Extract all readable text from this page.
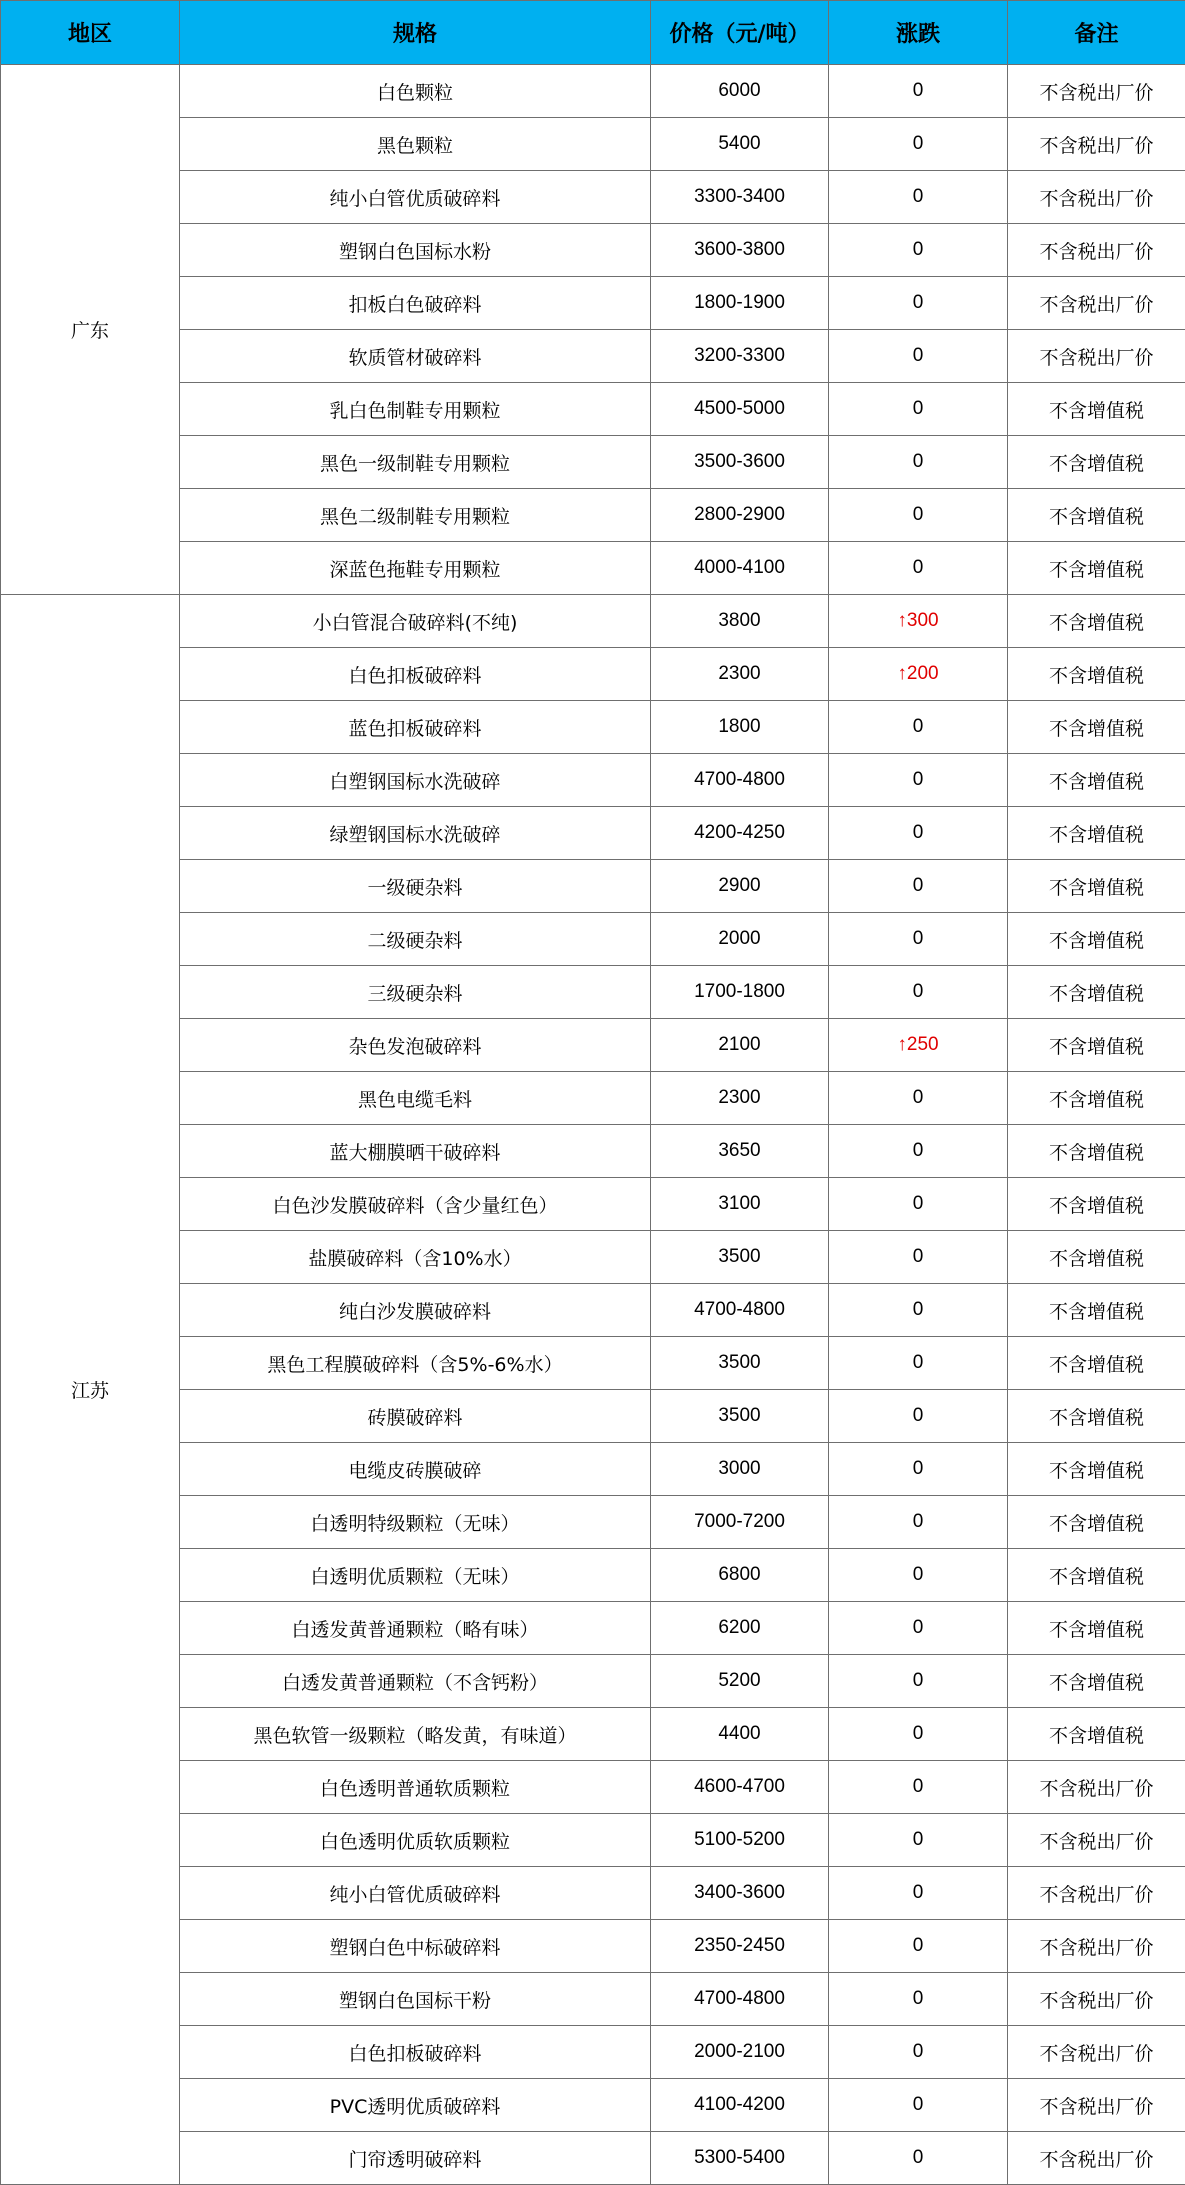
地区	规格	价格（元/吨）	涨跌	备注
广东	白色颗粒	6000	0	不含税出厂价
	黑色颗粒	5400	0	不含税出厂价
	纯小白管优质破碎料	3300-3400	0	不含税出厂价
	塑钢白色国标水粉	3600-3800	0	不含税出厂价
	扣板白色破碎料	1800-1900	0	不含税出厂价
	软质管材破碎料	3200-3300	0	不含税出厂价
	乳白色制鞋专用颗粒	4500-5000	0	不含增值税
	黑色一级制鞋专用颗粒	3500-3600	0	不含增值税
	黑色二级制鞋专用颗粒	2800-2900	0	不含增值税
	深蓝色拖鞋专用颗粒	4000-4100	0	不含增值税
江苏	小白管混合破碎料(不纯)	3800	↑300	不含增值税
	白色扣板破碎料	2300	↑200	不含增值税
	蓝色扣板破碎料	1800	0	不含增值税
	白塑钢国标水洗破碎	4700-4800	0	不含增值税
	绿塑钢国标水洗破碎	4200-4250	0	不含增值税
	一级硬杂料	2900	0	不含增值税
	二级硬杂料	2000	0	不含增值税
	三级硬杂料	1700-1800	0	不含增值税
	杂色发泡破碎料	2100	↑250	不含增值税
	黑色电缆毛料	2300	0	不含增值税
	蓝大棚膜晒干破碎料	3650	0	不含增值税
	白色沙发膜破碎料（含少量红色）	3100	0	不含增值税
	盐膜破碎料（含10%水）	3500	0	不含增值税
	纯白沙发膜破碎料	4700-4800	0	不含增值税
	黑色工程膜破碎料（含5%-6%水）	3500	0	不含增值税
	砖膜破碎料	3500	0	不含增值税
	电缆皮砖膜破碎	3000	0	不含增值税
	白透明特级颗粒（无味）	7000-7200	0	不含增值税
	白透明优质颗粒（无味）	6800	0	不含增值税
	白透发黄普通颗粒（略有味）	6200	0	不含增值税
	白透发黄普通颗粒（不含钙粉）	5200	0	不含增值税
	黑色软管一级颗粒（略发黄，有味道）	4400	0	不含增值税
	白色透明普通软质颗粒	4600-4700	0	不含税出厂价
	白色透明优质软质颗粒	5100-5200	0	不含税出厂价
	纯小白管优质破碎料	3400-3600	0	不含税出厂价
	塑钢白色中标破碎料	2350-2450	0	不含税出厂价
	塑钢白色国标干粉	4700-4800	0	不含税出厂价
	白色扣板破碎料	2000-2100	0	不含税出厂价
	PVC透明优质破碎料	4100-4200	0	不含税出厂价
	门帘透明破碎料	5300-5400	0	不含税出厂价
